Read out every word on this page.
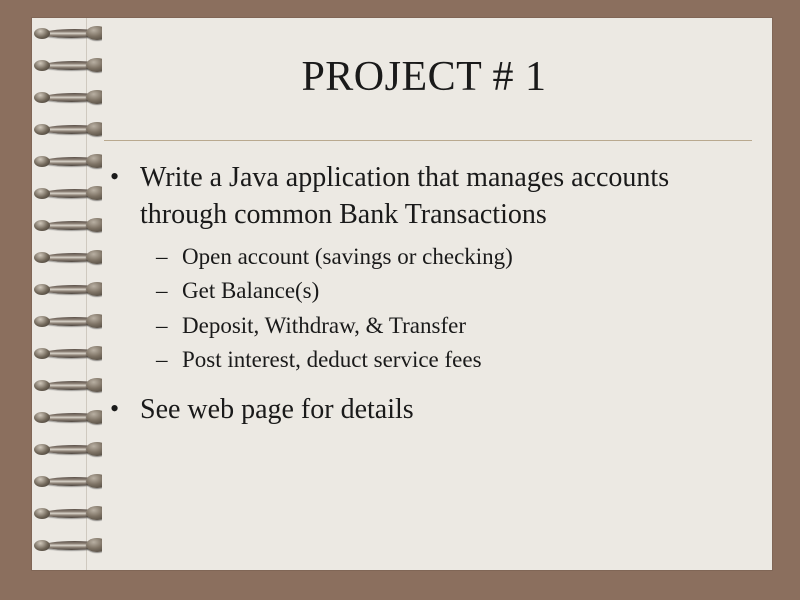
PROJECT # 1
• Write a Java application that manages accounts through common Bank Transactions
– Open account (savings or checking)
– Get Balance(s)
– Deposit, Withdraw, & Transfer
– Post interest, deduct service fees
• See web page for details
